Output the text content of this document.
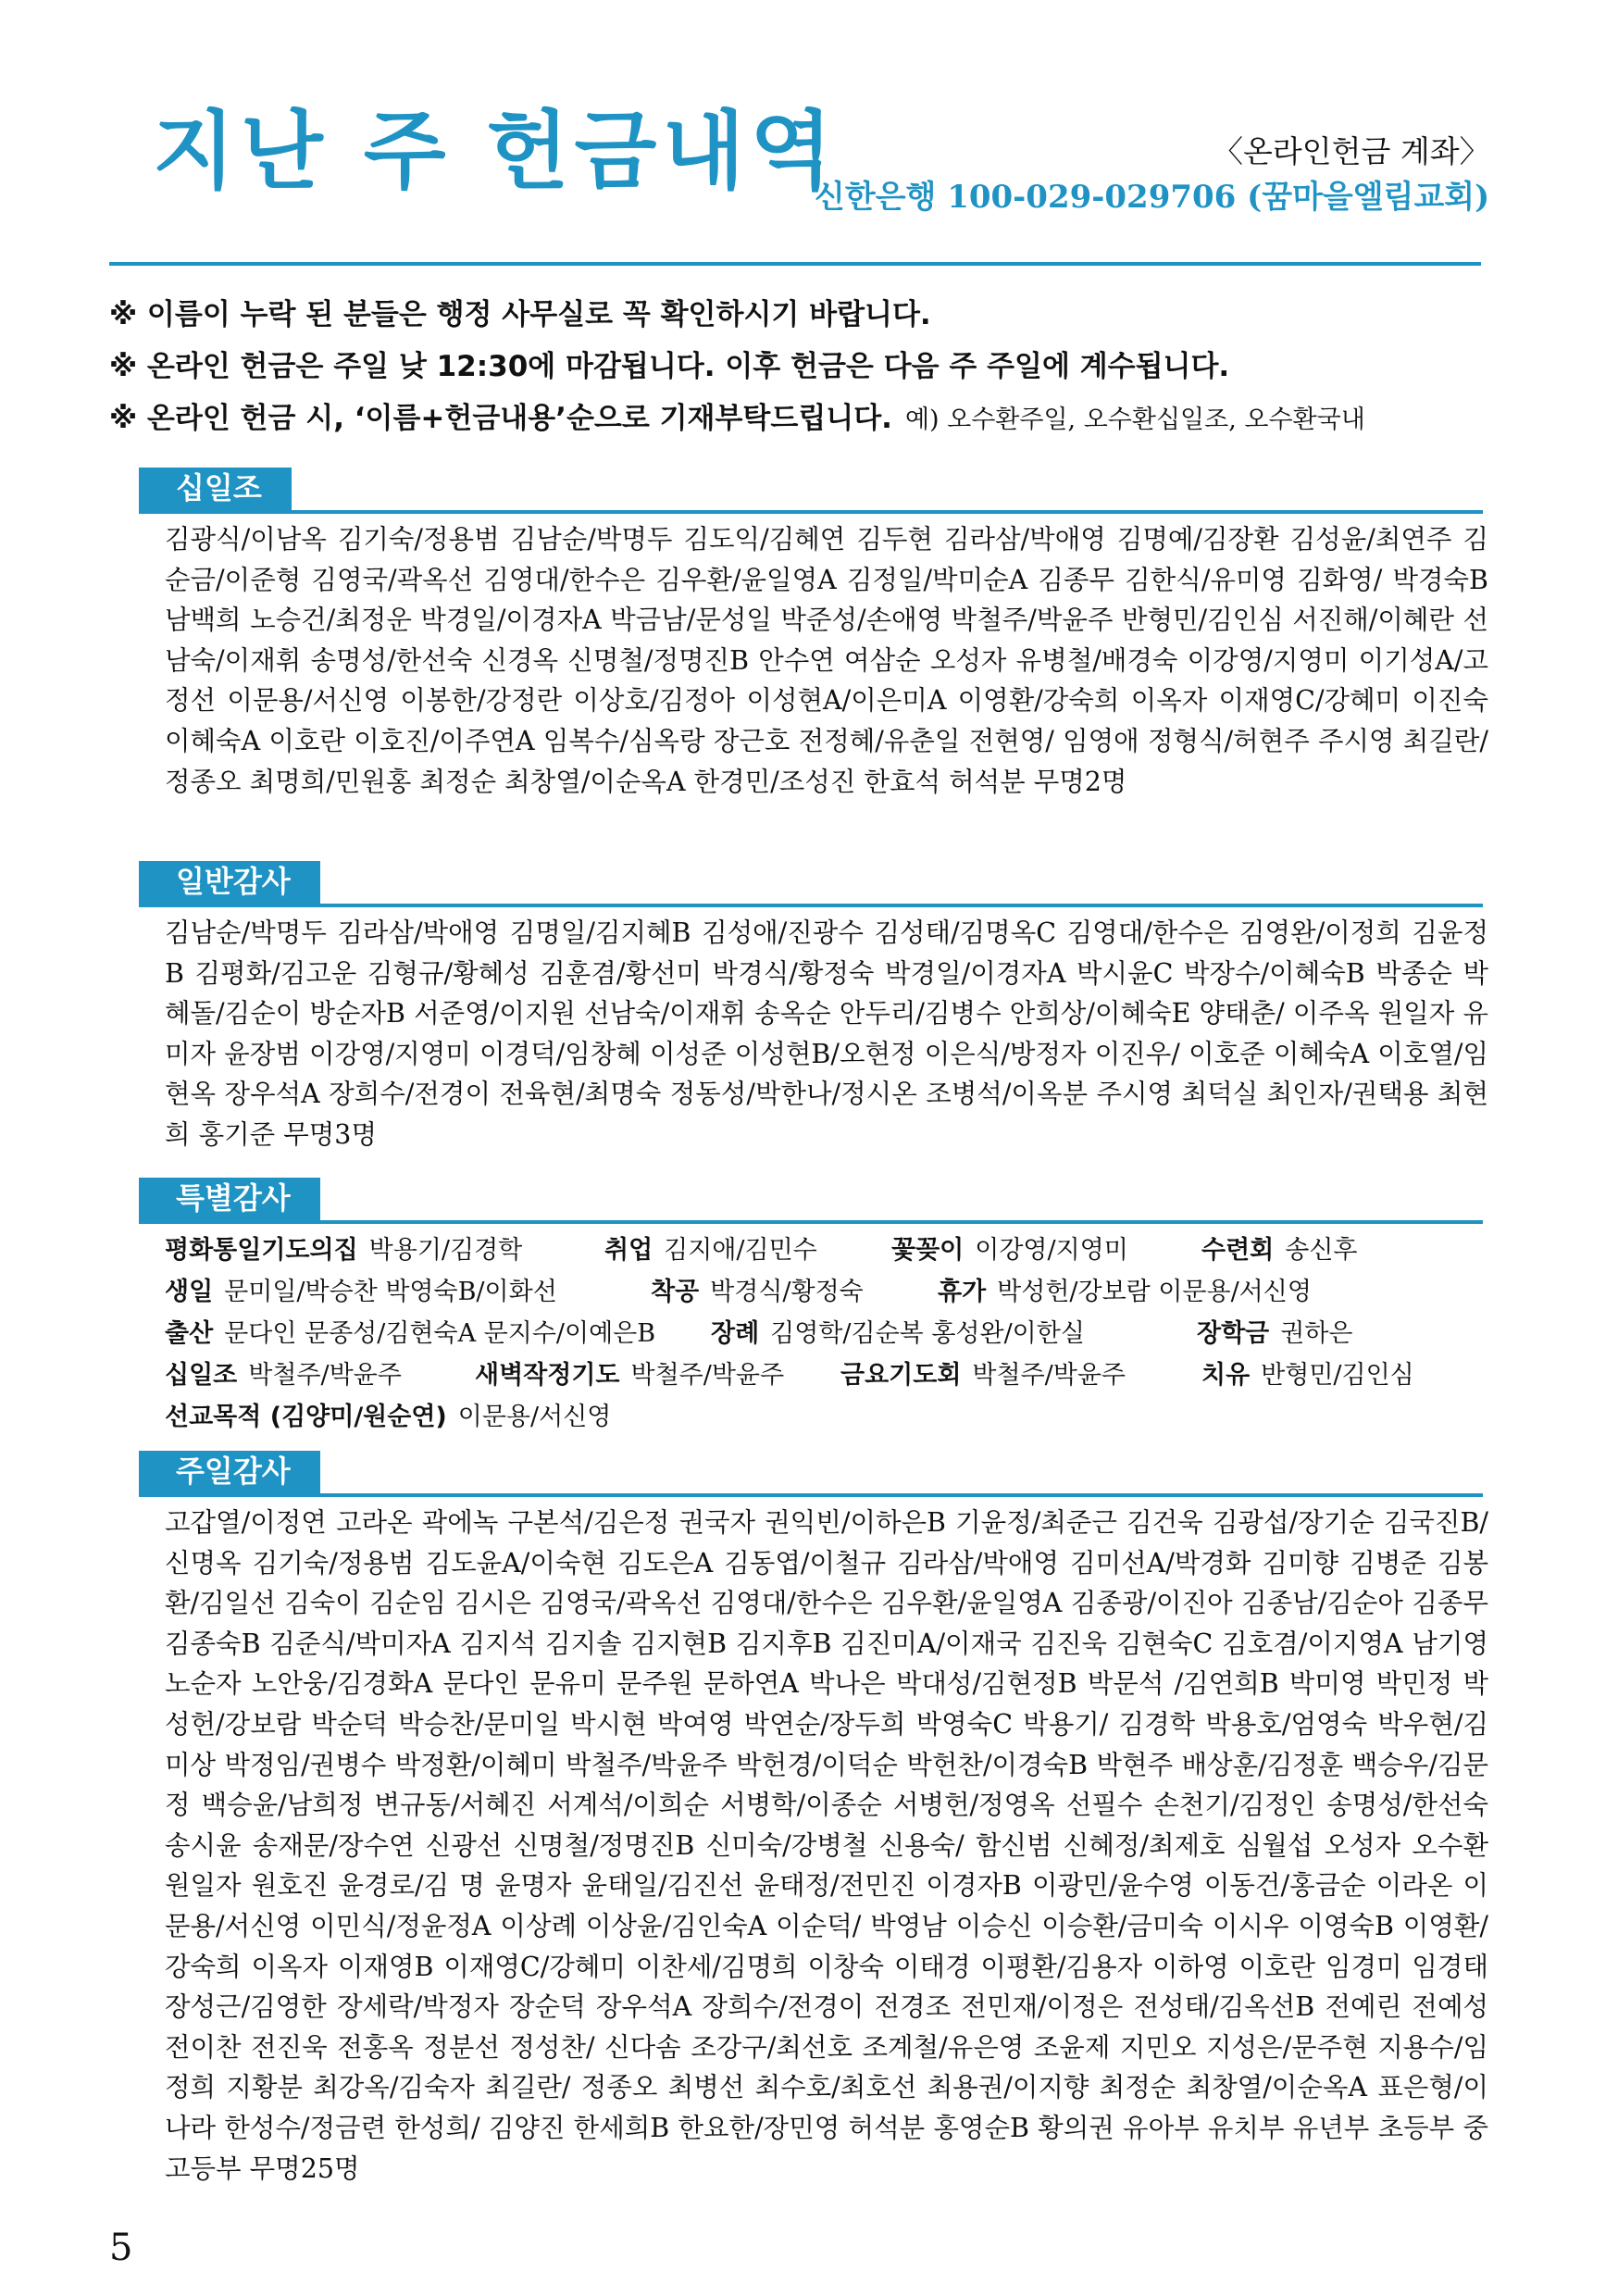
지난 주 헌금내역	〈온라인헌금 계좌〉
신한은행 100-029-029706 (꿈마을엘림교회)
※ 이름이 누락 된 분들은 행정 사무실로 꼭 확인하시기 바랍니다.
※ 온라인 헌금은 주일 낮 12:30에 마감됩니다. 이후 헌금은 다음 주 주일에 계수됩니다.
※ 온라인 헌금 시, ‘이름+헌금내용’순으로 기재부탁드립니다. 예) 오수환주일, 오수환십일조, 오수환국내
십일조
김광식/이남옥 김기숙/정용범 김남순/박명두 김도익/김혜연 김두현 김라삼/박애영 김명예/김장환 김성윤/최연주 김순금/이준형 김영국/곽옥선 김영대/한수은 김우환/윤일영A 김정일/박미순A 김종무 김한식/유미영 김화영/ 박경숙B 남백희 노승건/최정운 박경일/이경자A 박금남/문성일 박준성/손애영 박철주/박윤주 반형민/김인심 서진해/이혜란 선남숙/이재휘 송명성/한선숙 신경옥 신명철/정명진B 안수연 여삼순 오성자 유병철/배경숙 이강영/지영미 이기성A/고정선 이문용/서신영 이봉한/강정란 이상호/김정아 이성현A/이은미A 이영환/강숙희 이옥자 이재영C/강혜미 이진숙 이혜숙A 이호란 이호진/이주연A 임복수/심옥랑 장근호 전정혜/유춘일 전현영/ 임영애 정형식/허현주 주시영 최길란/정종오 최명희/민원홍 최정순 최창열/이순옥A 한경민/조성진 한효석 허석분 무명2명
일반감사
김남순/박명두 김라삼/박애영 김명일/김지혜B 김성애/진광수 김성태/김명옥C 김영대/한수은 김영완/이정희 김윤정B 김평화/김고운 김형규/황혜성 김훈겸/황선미 박경식/황정숙 박경일/이경자A 박시윤C 박장수/이혜숙B 박종순 박혜돌/김순이 방순자B 서준영/이지원 선남숙/이재휘 송옥순 안두리/김병수 안희상/이혜숙E 양태춘/ 이주옥 원일자 유미자 윤장범 이강영/지영미 이경덕/임창혜 이성준 이성현B/오현정 이은식/방정자 이진우/ 이호준 이혜숙A 이호열/임현옥 장우석A 장희수/전경이 전육현/최명숙 정동성/박한나/정시온 조병석/이옥분 주시영 최덕실 최인자/권택용 최현희 홍기준 무명3명
특별감사
평화통일기도의집 박용기/김경학	취업 김지애/김민수	꽃꽂이 이강영/지영미	수련회 송신후
생일 문미일/박승찬 박영숙B/이화선	착공 박경식/황정숙	휴가 박성헌/강보람 이문용/서신영
출산 문다인 문종성/김현숙A 문지수/이예은B	장례 김영학/김순복 홍성완/이한실	장학금 권하은
십일조 박철주/박윤주	새벽작정기도 박철주/박윤주	금요기도회 박철주/박윤주	치유 반형민/김인심
선교목적 (김양미/원순연) 이문용/서신영
주일감사
고갑열/이정연 고라온 곽에녹 구본석/김은정 권국자 권익빈/이하은B 기윤정/최준근 김건욱 김광섭/장기순 김국진B/신명옥 김기숙/정용범 김도윤A/이숙현 김도은A 김동엽/이철규 김라삼/박애영 김미선A/박경화 김미향 김병준 김봉환/김일선 김숙이 김순임 김시은 김영국/곽옥선 김영대/한수은 김우환/윤일영A 김종광/이진아 김종남/김순아 김종무 김종숙B 김준식/박미자A 김지석 김지솔 김지현B 김지후B 김진미A/이재국 김진욱 김현숙C 김호겸/이지영A 남기영 노순자 노안웅/김경화A 문다인 문유미 문주원 문하연A 박나은 박대성/김현정B 박문석 /김연희B 박미영 박민정 박성헌/강보람 박순덕 박승찬/문미일 박시현 박여영 박연순/장두희 박영숙C 박용기/ 김경학 박용호/엄영숙 박우현/김미상 박정임/권병수 박정환/이혜미 박철주/박윤주 박헌경/이덕순 박헌찬/이경숙B 박현주 배상훈/김정훈 백승우/김문정 백승윤/남희정 변규동/서혜진 서계석/이희순 서병학/이종순 서병헌/정영옥 선필수 손천기/김정인 송명성/한선숙 송시윤 송재문/장수연 신광선 신명철/정명진B 신미숙/강병철 신용숙/ 함신범 신혜정/최제호 심월섭 오성자 오수환 원일자 원호진 윤경로/김 명 윤명자 윤태일/김진선 윤태정/전민진 이경자B 이광민/윤수영 이동건/홍금순 이라온 이문용/서신영 이민식/정윤정A 이상례 이상윤/김인숙A 이순덕/ 박영남 이승신 이승환/금미숙 이시우 이영숙B 이영환/강숙희 이옥자 이재영B 이재영C/강혜미 이찬세/김명희 이창숙 이태경 이평환/김용자 이하영 이호란 임경미 임경태 장성근/김영한 장세락/박정자 장순덕 장우석A 장희수/전경이 전경조 전민재/이정은 전성태/김옥선B 전예린 전예성 전이찬 전진욱 전홍옥 정분선 정성찬/ 신다솜 조강구/최선호 조계철/유은영 조윤제 지민오 지성은/문주현 지용수/임정희 지황분 최강옥/김숙자 최길란/ 정종오 최병선 최수호/최호선 최용권/이지향 최정순 최창열/이순옥A 표은형/이나라 한성수/정금련 한성희/ 김양진 한세희B 한요한/장민영 허석분 홍영순B 황의권 유아부 유치부 유년부 초등부 중고등부 무명25명
5
